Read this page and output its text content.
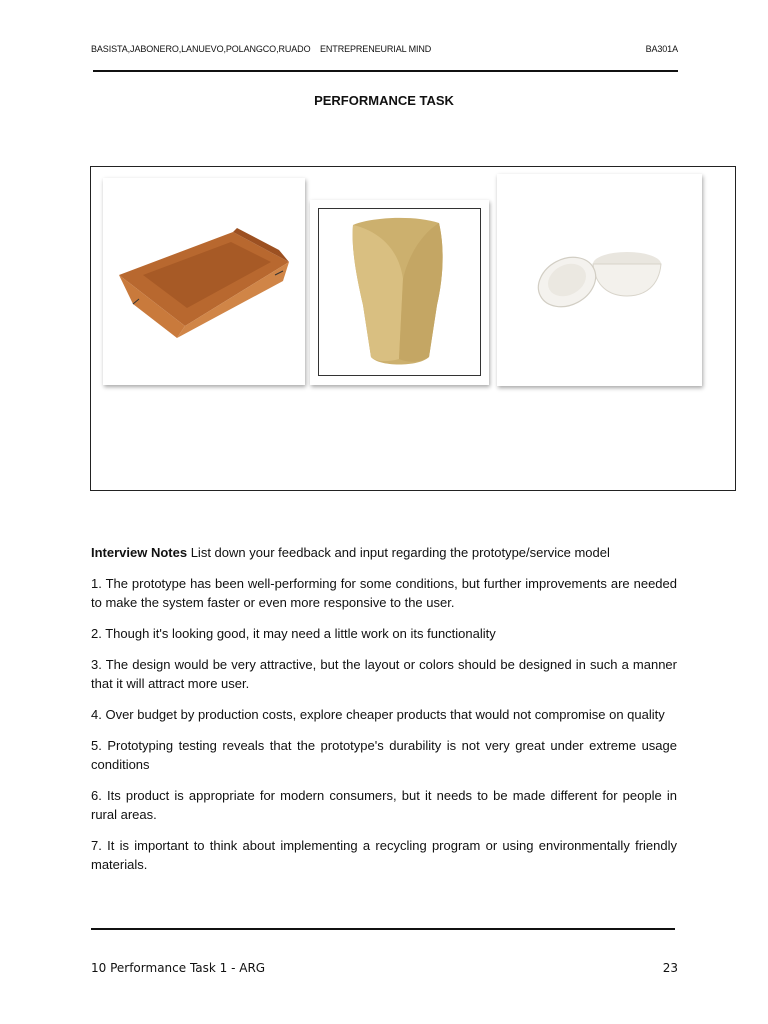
BASISTA,JABONERO,LANUEVO,POLANGCO,RUADO ENTREPRENEURIAL MIND	BA301A
PERFORMANCE TASK

Interview Notes List down your feedback and input regarding the prototype/service model

1. The prototype has been well-performing for some conditions, but further improvements are needed to make the system faster or even more responsive to the user.

2. Though it's looking good, it may need a little work on its functionality

3. The design would be very attractive, but the layout or colors should be designed in such a manner that it will attract more user.

4. Over budget by production costs, explore cheaper products that would not compromise on quality

5. Prototyping testing reveals that the prototype's durability is not very great under extreme usage conditions

6. Its product is appropriate for modern consumers, but it needs to be made different for people in rural areas.

7. It is important to think about implementing a recycling program or using environmentally friendly materials.

10 Performance Task 1 - ARG	23
